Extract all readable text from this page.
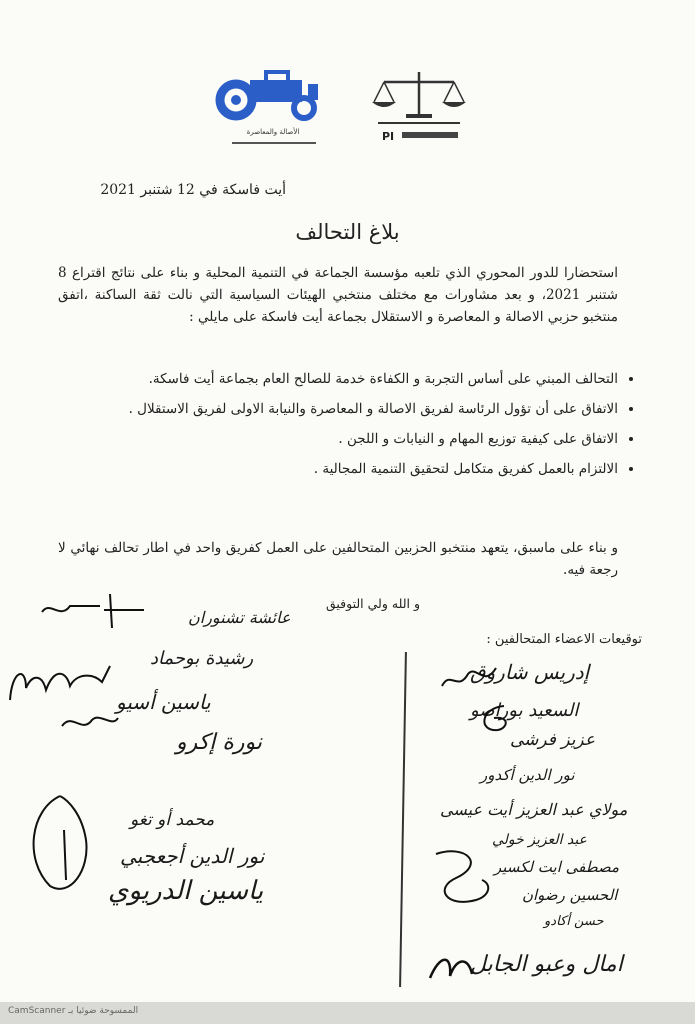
الأصالة والمعاصرة	PI
أيت فاسكة في 12 شتنبر 2021
بلاغ التحالف
استحضارا للدور المحوري الذي تلعبه مؤسسة الجماعة في التنمية المحلية و بناء على نتائج اقتراع 8 شتنبر 2021، و بعد مشاورات مع مختلف منتخبي الهيئات السياسية التي نالت ثقة الساكنة ،اتفق منتخبو حزبي الاصالة و المعاصرة و الاستقلال بجماعة أيت فاسكة على مايلي :
• التحالف المبني على أساس التجربة و الكفاءة خدمة للصالح العام بجماعة أيت فاسكة.
• الاتفاق على أن تؤول الرئاسة لفريق الاصالة و المعاصرة والنيابة الاولى لفريق الاستقلال .
• الاتفاق على كيفية توزيع المهام و النيابات و اللجن .
• الالتزام بالعمل كفريق متكامل لتحقيق التنمية المجالية .
و بناء على ماسبق، يتعهد منتخبو الحزبين المتحالفين على العمل كفريق واحد في اطار تحالف نهائي لا رجعة فيه.
و الله ولي التوفيق
توقيعات الاعضاء المتحالفين :
إدريس شاروق
السعيد بوراصو
عزيز فرشى
نور الدين أكدور
مولاي عبد العزيز أيت عيسى
عبد العزيز خولي
مصطفى ايت لكسير
الحسين رضوان
حسن أكادو
امال وعبو الجابل
عائشة تشنوران
رشيدة بوحماد
ياسين أسيو
نورة إكرو
محمد أو تغو
نور الدين أجعجبي
ياسين الدريوي
CamScanner الممسوحة ضوئيا بـ
